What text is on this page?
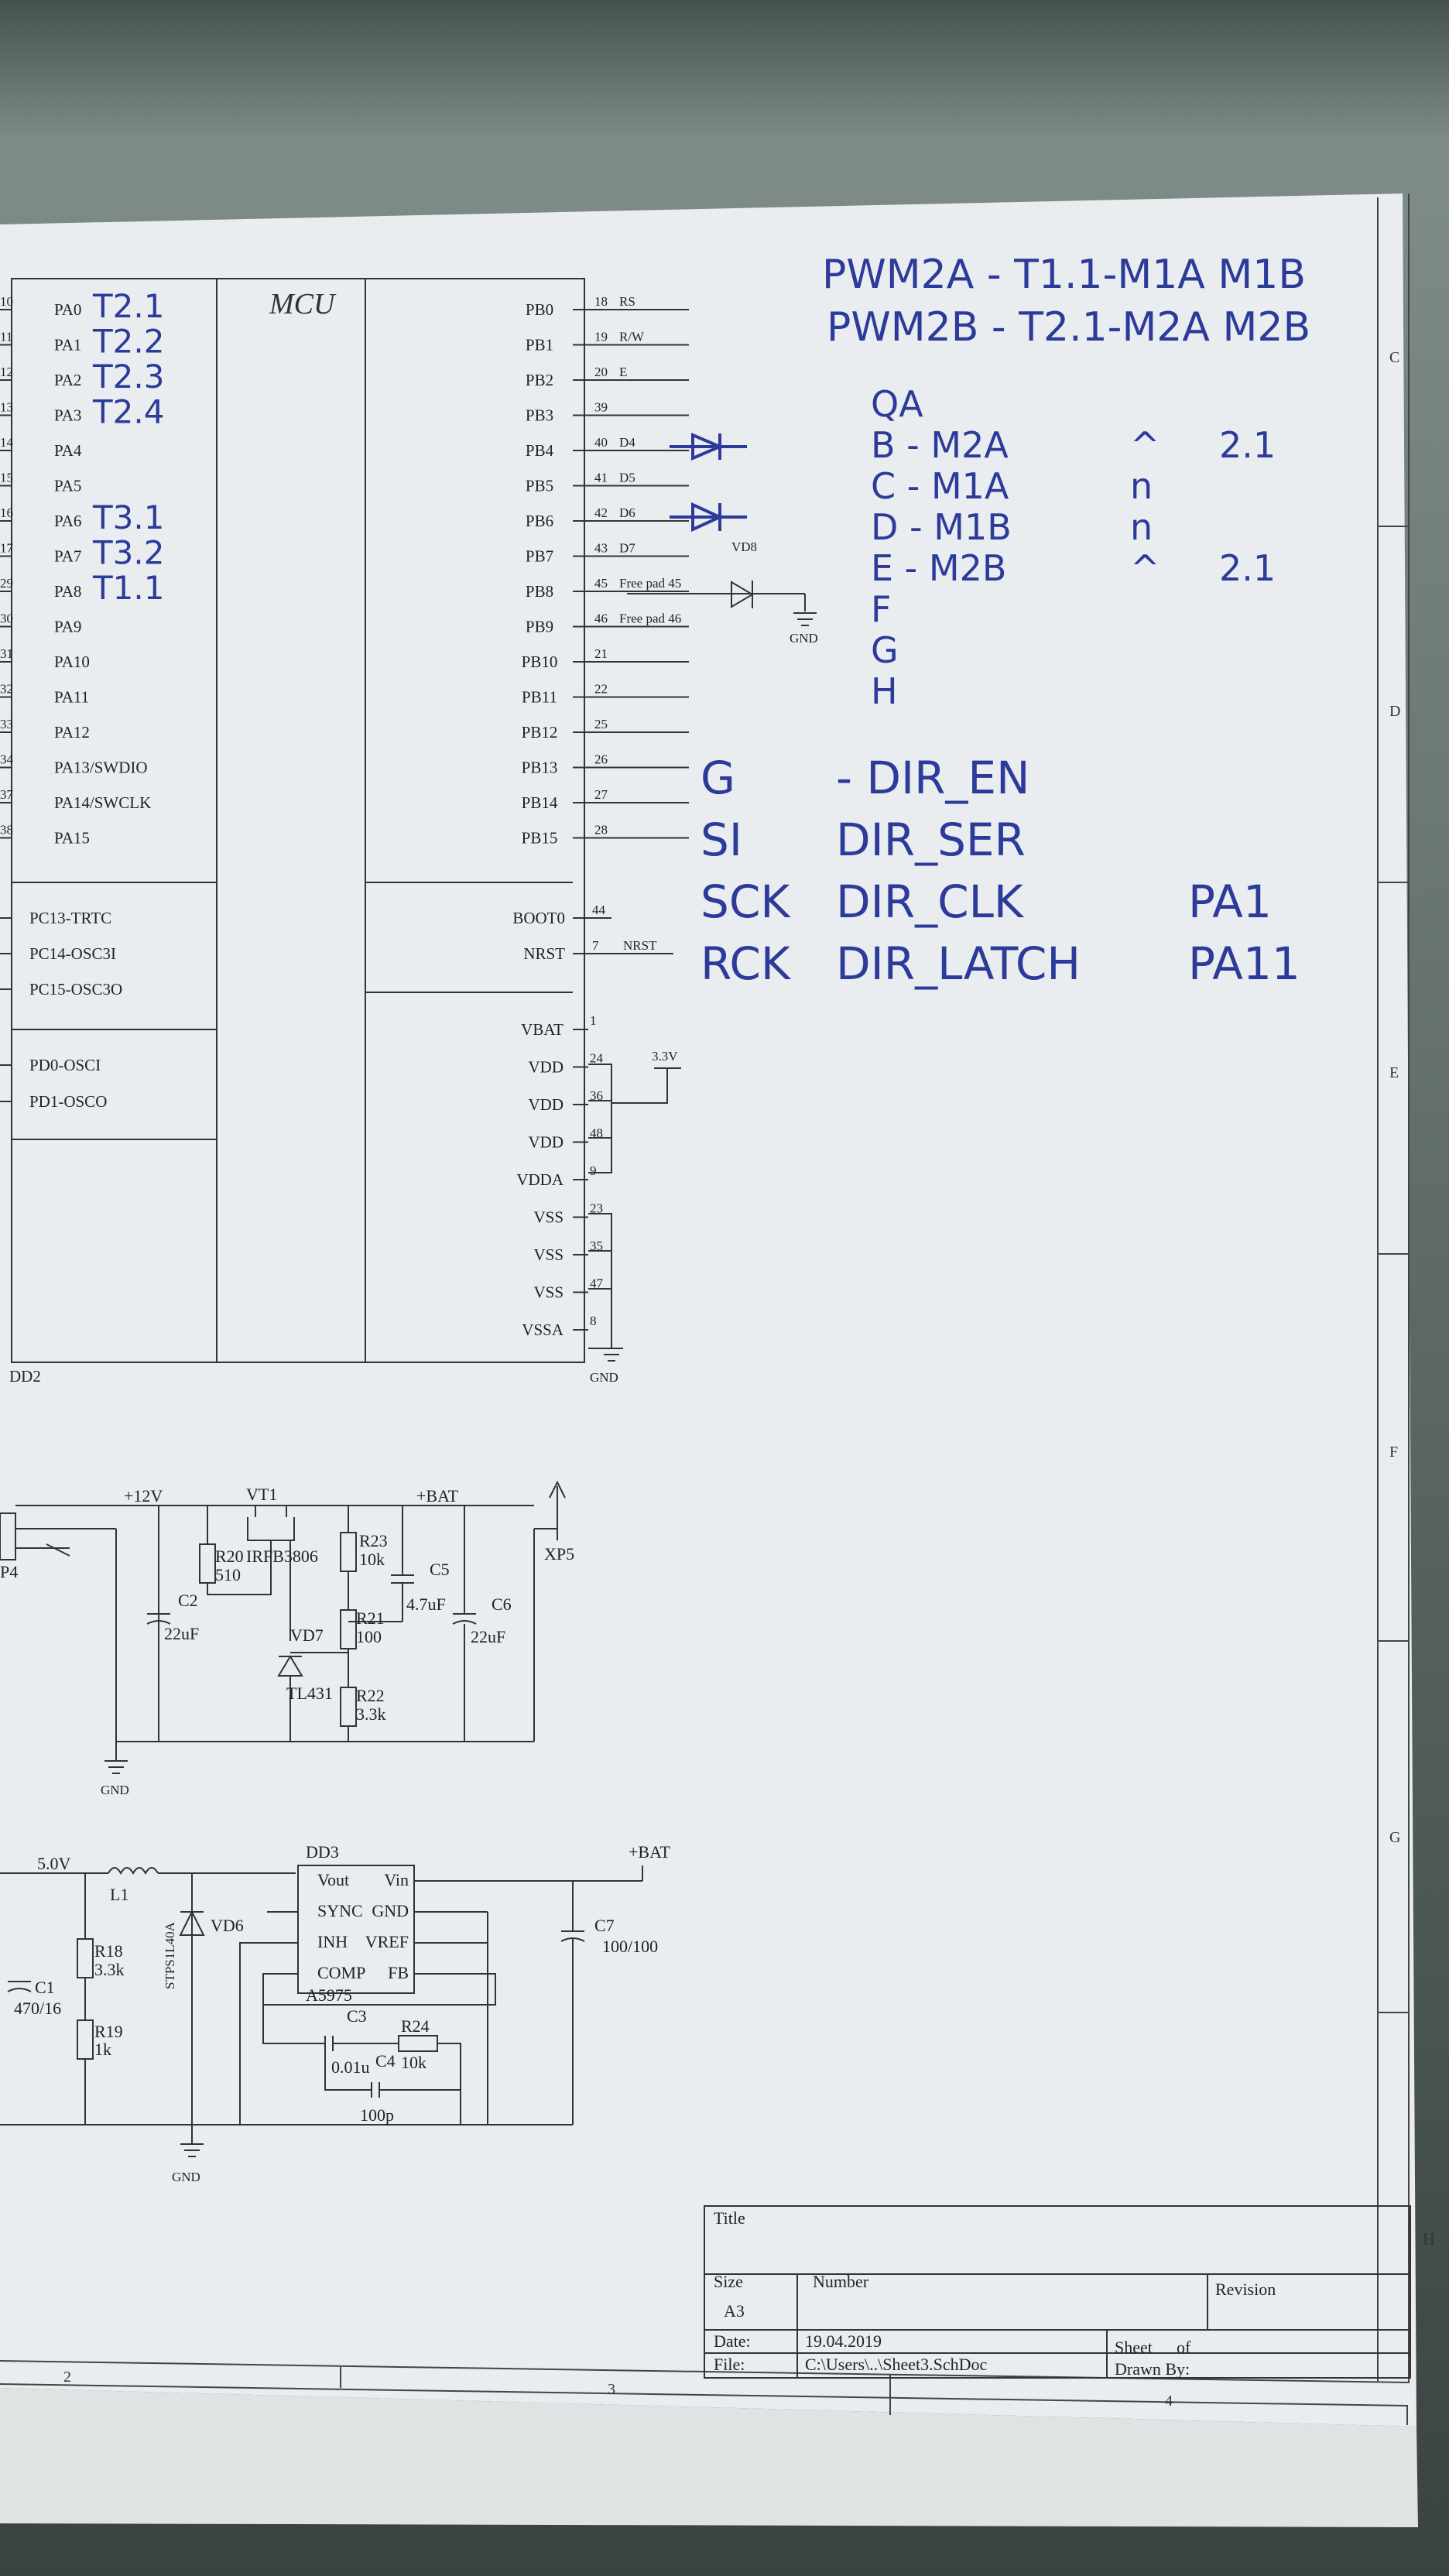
C
D
E
F
G
H
2
3
4
MCU
DD2
10	PA0 T2.1
11	PA1 T2.2
12	PA2 T2.3
13	PA3 T2.4
14	PA4
15	PA5
16	PA6 T3.1
17	PA7 T3.2
29	PA8 T1.1
30	PA9
31	PA10
32	PA11
33	PA12
34	PA13/SWDIO
37	PA14/SWCLK
38	PA15
PC13-TRTC
PC14-OSC3I
PC15-OSC3O
PD0-OSCI
PD1-OSCO
PB0	18 RS
PB1	19 R/W
PB2	20 E
PB3	39
PB4	40 D4
PB5	41 D5
PB6	42 D6
PB7	43 D7
PB8	45 Free pad 45
PB9	46 Free pad 46
PB10	21
PB11	22
PB12	25
PB13	26
PB14	27
PB15	28
BOOT0 44
NRST 7 NRST
VBAT 1
VDD 24
VDD 36
VDD 48
VDDA 9
VSS 23
VSS 35
VSS 47
VSSA 8
3.3V
GND
GND
VD8
PWM2A - T1.1-M1A M1B
PWM2B - T2.1-M2A M2B
QA
B - M2A	^ 2.1
C - M1A	n
D - M1B	n
E - M2B	^ 2.1
F
G
H
G - DIR_EN
SI DIR_SER
SCK DIR_CLK	PA1
RCK DIR_LATCH PA11
P4
+12V	VT1
IRFB3806
R20
510
R23
10k
R21
100
R22
3.3k
VD7
TL431
C2
22uF
C5
4.7uF	C6
22uF
+BAT
XP5
GND
5.0V
L1
VD6
STPS1L40A
DD3
A5975
Vout
SYNC
INH
COMP
Vin
GND
VREF
FB
R18
3.3k
R19
1k
C1
470/16	C3
0.01u C4
100p
R24
10k
C7
100/100
+BAT
GND
Title
Size
A3
Number	Revision
Date:	19.04.2019
File:	C:\Users\..\Sheet3.SchDoc
Sheet of
Drawn By:
